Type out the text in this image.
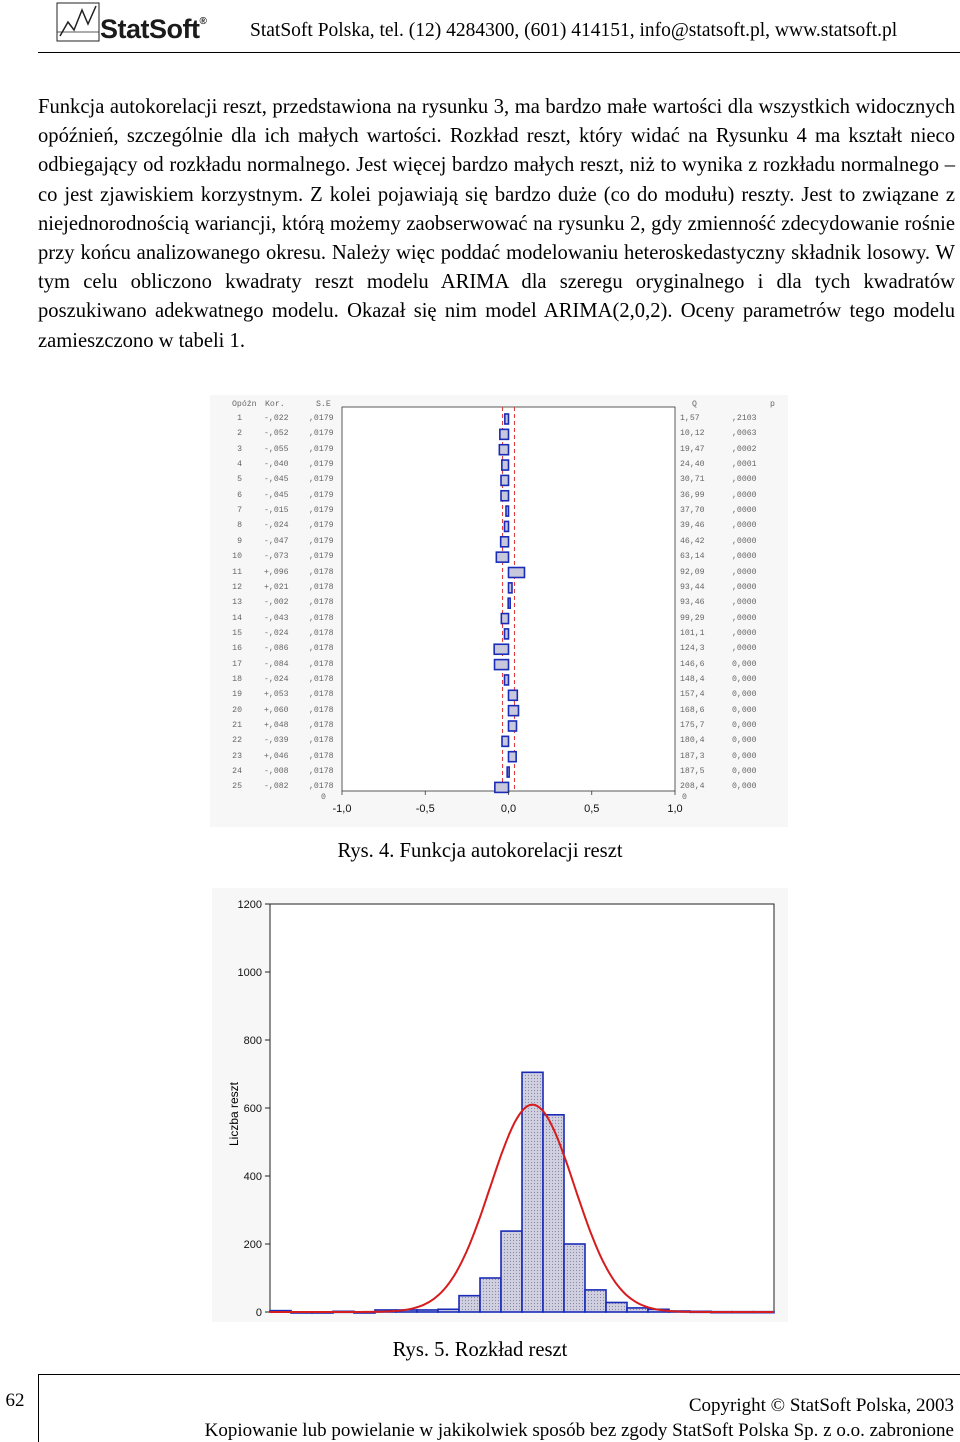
StatSoft® StatSoft Polska, tel. (12) 4284300, (601) 414151, info@statsoft.pl, www.statsoft.pl

Funkcja autokorelacji reszt, przedstawiona na rysunku 3, ma bardzo małe wartości dla wszystkich widocznych opóźnień, szczególnie dla ich małych wartości. Rozkład reszt, który widać na Rysunku 4 ma kształt nieco odbiegający od rozkładu normalnego. Jest więcej bardzo małych reszt, niż to wynika z rozkładu normalnego – co jest zjawiskiem korzystnym. Z kolei pojawiają się bardzo duże (co do modułu) reszty. Jest to związane z niejednorodnością wariancji, którą możemy zaobserwować na rysunku 2, gdy zmienność zdecydowanie rośnie przy końcu analizowanego okresu. Należy więc poddać modelowaniu heteroskedastyczny składnik losowy. W tym celu obliczono kwadraty reszt modelu ARIMA dla szeregu oryginalnego i dla tych kwadratów poszukiwano adekwatnego modelu. Okazał się nim model ARIMA(2,0,2). Oceny parametrów tego modelu zamieszczono w tabeli 1.

-1,0	-0,5	0,0	0,5	1,0
Opóźn Kor.	S.E	Q	p
1	-,022 ,0179	1,57	,2103
2	-,052 ,0179	10,12	,0063
3	-,055 ,0179	19,47	,0002
4	-,040 ,0179	24,40	,0001
5	-,045 ,0179	30,71	,0000
6	-,045 ,0179	36,99	,0000
7	-,015 ,0179	37,70	,0000
8	-,024 ,0179	39,46	,0000
9	-,047 ,0179	46,42	,0000
10	-,073 ,0179	63,14	,0000
11	+,096 ,0178	92,09	,0000
12	+,021 ,0178	93,44	,0000
13	-,002 ,0178	93,46	,0000
14	-,043 ,0178	99,29	,0000
15	-,024 ,0178	101,1	,0000
16	-,086 ,0178	124,3	,0000
17	-,084 ,0178	146,6	0,000
18	-,024 ,0178	148,4	0,000
19	+,053 ,0178	157,4	0,000
20	+,060 ,0178	168,6	0,000
21	+,048 ,0178	175,7	0,000
22	-,039 ,0178	180,4	0,000
23	+,046 ,0178	187,3	0,000
24	-,008 ,0178	187,5	0,000
25	-,082 ,0178	208,4	0,000
0	0
Rys. 4. Funkcja autokorelacji reszt
0
200
400
600
800
1000
1200
Liczba reszt
Rys. 5. Rozkład reszt
62	Copyright © StatSoft Polska, 2003
Kopiowanie lub powielanie w jakikolwiek sposób bez zgody StatSoft Polska Sp. z o.o. zabronione
